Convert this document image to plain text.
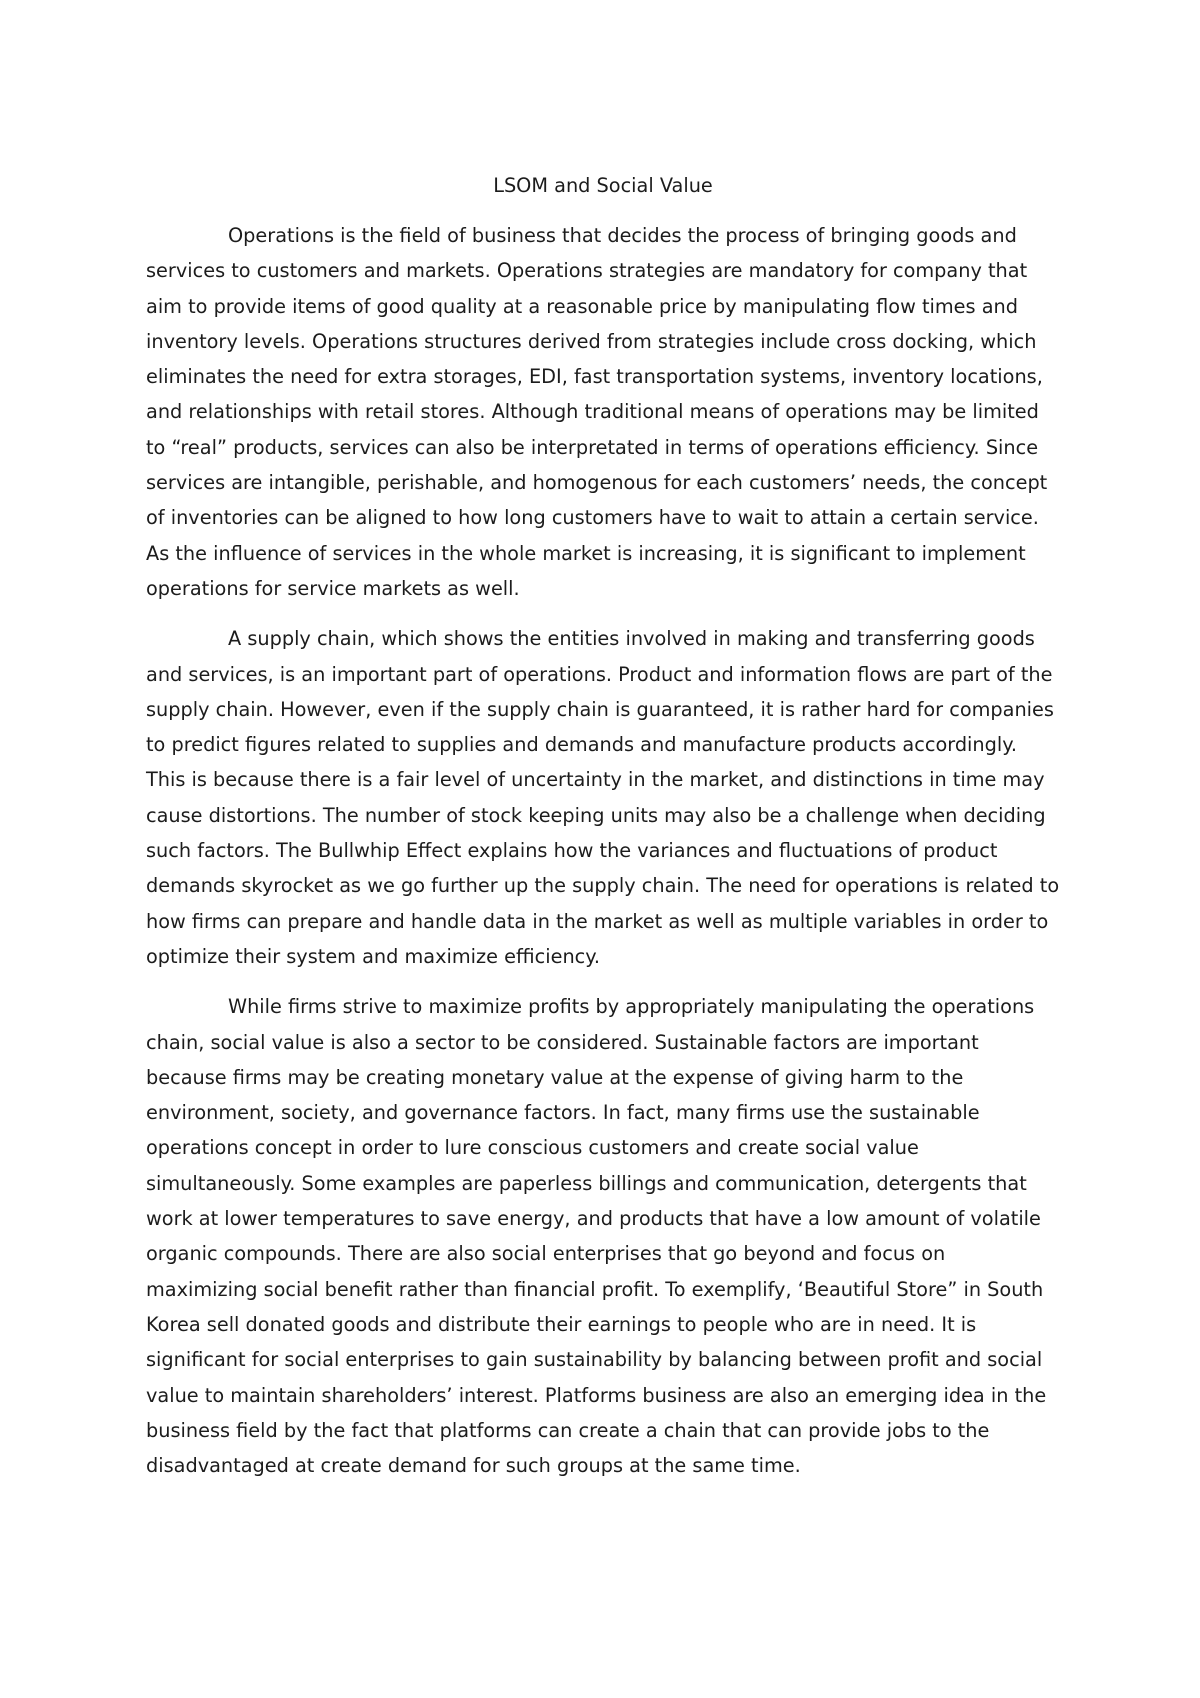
LSOM and Social Value

Operations is the field of business that decides the process of bringing goods and services to customers and markets. Operations strategies are mandatory for company that aim to provide items of good quality at a reasonable price by manipulating flow times and inventory levels. Operations structures derived from strategies include cross docking, which eliminates the need for extra storages, EDI, fast transportation systems, inventory locations, and relationships with retail stores. Although traditional means of operations may be limited to “real” products, services can also be interpretated in terms of operations efficiency. Since services are intangible, perishable, and homogenous for each customers’ needs, the concept of inventories can be aligned to how long customers have to wait to attain a certain service. As the influence of services in the whole market is increasing, it is significant to implement operations for service markets as well.

A supply chain, which shows the entities involved in making and transferring goods and services, is an important part of operations. Product and information flows are part of the supply chain. However, even if the supply chain is guaranteed, it is rather hard for companies to predict figures related to supplies and demands and manufacture products accordingly. This is because there is a fair level of uncertainty in the market, and distinctions in time may cause distortions. The number of stock keeping units may also be a challenge when deciding such factors. The Bullwhip Effect explains how the variances and fluctuations of product demands skyrocket as we go further up the supply chain. The need for operations is related to how firms can prepare and handle data in the market as well as multiple variables in order to optimize their system and maximize efficiency.

While firms strive to maximize profits by appropriately manipulating the operations chain, social value is also a sector to be considered. Sustainable factors are important because firms may be creating monetary value at the expense of giving harm to the environment, society, and governance factors. In fact, many firms use the sustainable operations concept in order to lure conscious customers and create social value simultaneously. Some examples are paperless billings and communication, detergents that work at lower temperatures to save energy, and products that have a low amount of volatile organic compounds. There are also social enterprises that go beyond and focus on maximizing social benefit rather than financial profit. To exemplify, ‘Beautiful Store” in South Korea sell donated goods and distribute their earnings to people who are in need. It is significant for social enterprises to gain sustainability by balancing between profit and social value to maintain shareholders’ interest. Platforms business are also an emerging idea in the business field by the fact that platforms can create a chain that can provide jobs to the disadvantaged at create demand for such groups at the same time.
